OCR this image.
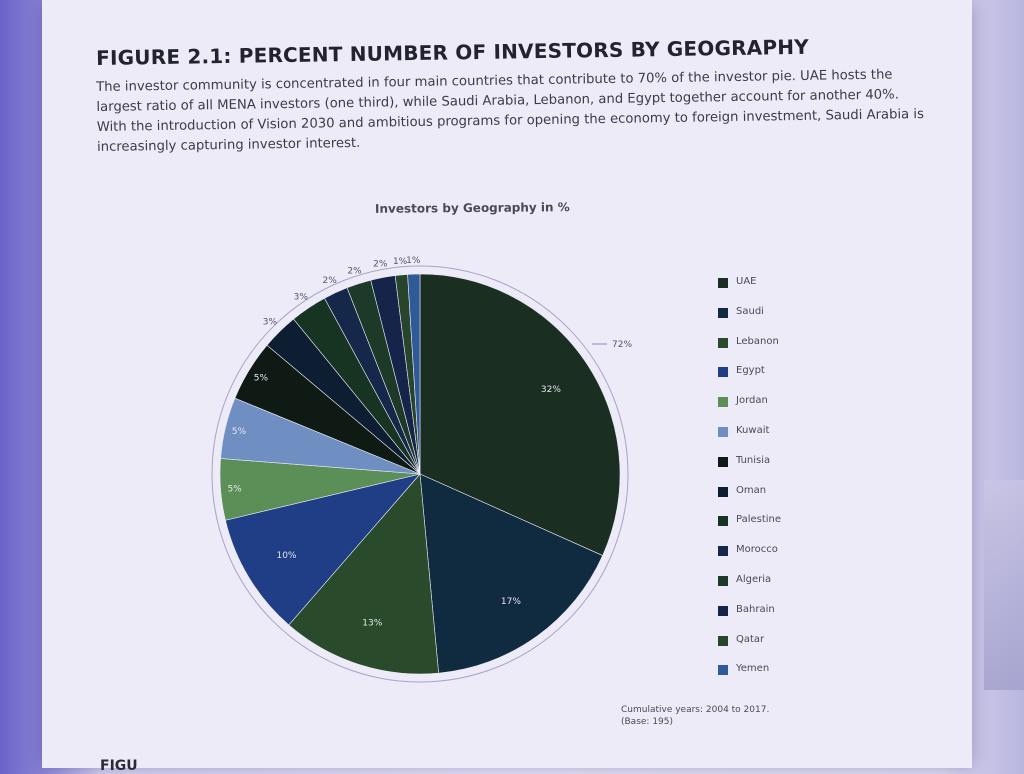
FIGURE 2.1: PERCENT NUMBER OF INVESTORS BY GEOGRAPHY

The investor community is concentrated in four main countries that contribute to 70% of the investor pie. UAE hosts the largest ratio of all MENA investors (one third), while Saudi Arabia, Lebanon, and Egypt together account for another 40%. With the introduction of Vision 2030 and ambitious programs for opening the economy to foreign investment, Saudi Arabia is increasingly capturing investor interest.

Investors by Geography in %
32%
17%
13%
10%
5%
5%
5%
3%
3%
2%
2%
2% 1%
1%
72%
UAE
Saudi
Lebanon
Egypt
Jordan
Kuwait
Tunisia
Oman
Palestine
Morocco
Algeria
Bahrain
Qatar
Yemen

Cumulative years: 2004 to 2017.
(Base: 195)

FIGU
